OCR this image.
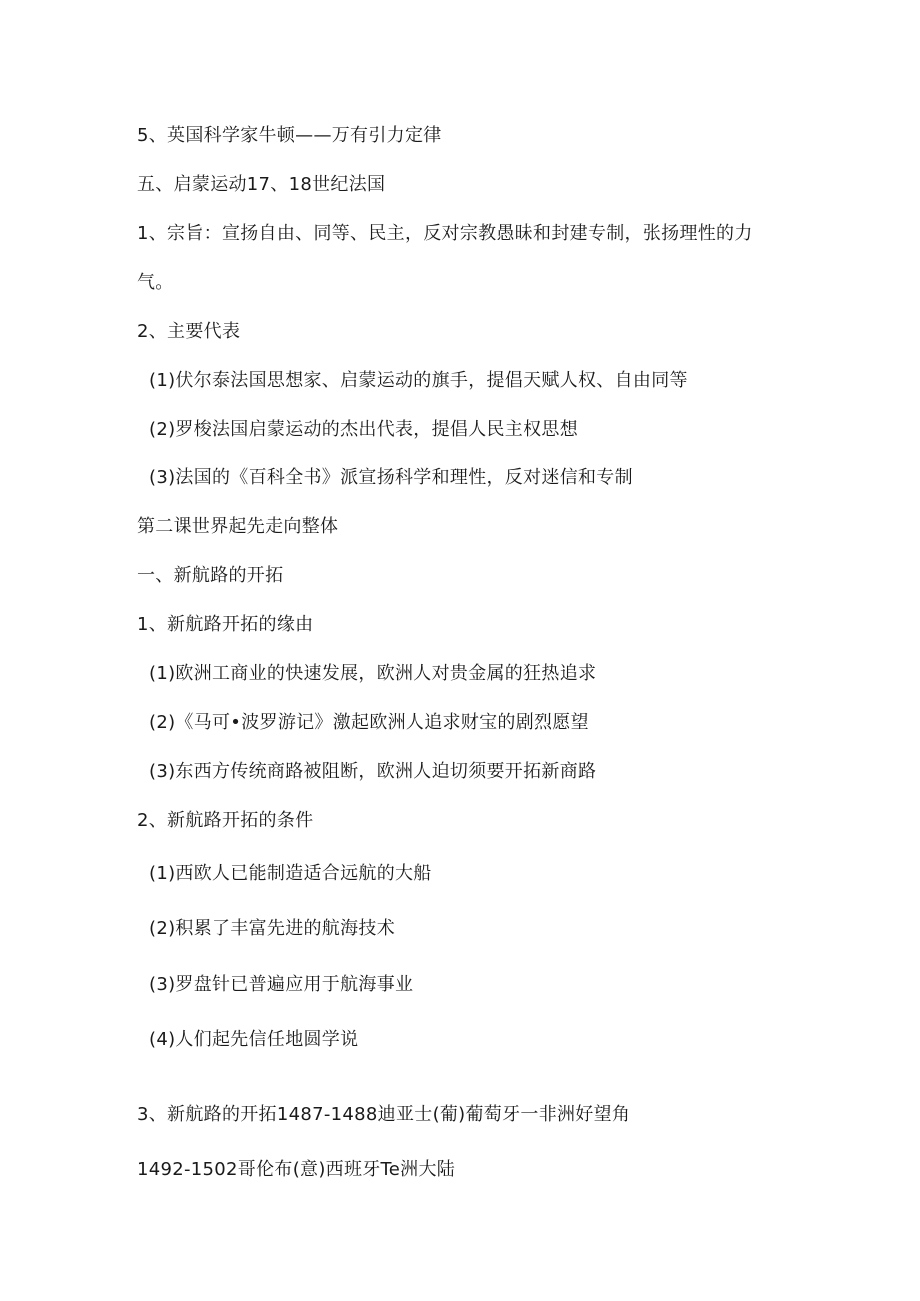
5、英国科学家牛顿——万有引力定律
五、启蒙运动17、18世纪法国
1、宗旨：宣扬自由、同等、民主，反对宗教愚昧和封建专制，张扬理性的力
气。
2、主要代表
(1)伏尔泰法国思想家、启蒙运动的旗手，提倡天赋人权、自由同等
(2)罗梭法国启蒙运动的杰出代表，提倡人民主权思想
(3)法国的《百科全书》派宣扬科学和理性，反对迷信和专制
第二课世界起先走向整体
一、新航路的开拓
1、新航路开拓的缘由
(1)欧洲工商业的快速发展，欧洲人对贵金属的狂热追求
(2)《马可•波罗游记》激起欧洲人追求财宝的剧烈愿望
(3)东西方传统商路被阻断，欧洲人迫切须要开拓新商路
2、新航路开拓的条件
(1)西欧人已能制造适合远航的大船
(2)积累了丰富先进的航海技术
(3)罗盘针已普遍应用于航海事业
(4)人们起先信任地圆学说
3、新航路的开拓1487-1488迪亚士(葡)葡萄牙一非洲好望角
1492-1502哥伦布(意)西班牙Te洲大陆
